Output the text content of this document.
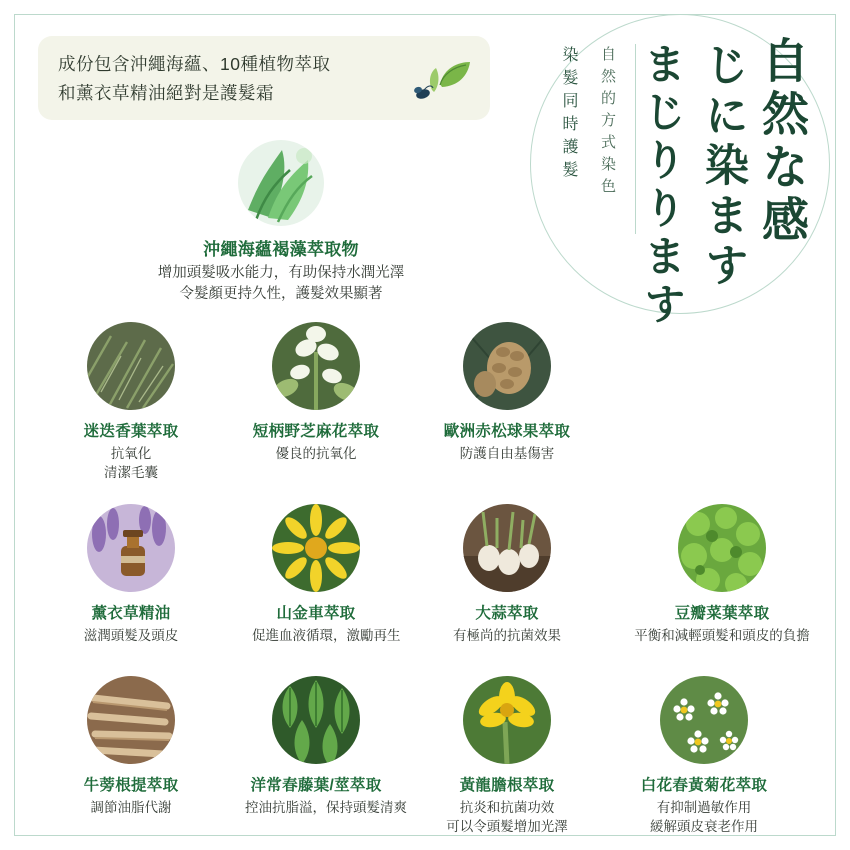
成份包含沖繩海蘊、10種植物萃取
和薰衣草精油絕對是護髮霜	染髮同時護髮 自然的方式染色 まじりります じに染ます 自然な感
沖繩海蘊褐藻萃取物
增加頭髮吸水能力，有助保持水潤光澤
令髮顏更持久性，護髮效果顯著
迷迭香葉萃取
抗氧化
清潔毛囊
短柄野芝麻花萃取
優良的抗氧化
歐洲赤松球果萃取
防護自由基傷害
薰衣草精油
滋潤頭髮及頭皮
山金車萃取
促進血液循環，激勵再生
大蒜萃取
有極尚的抗菌效果
豆瓣菜葉萃取
平衡和減輕頭髮和頭皮的負擔
牛蒡根提萃取
調節油脂代謝
洋常春藤葉/莖萃取
控油抗脂溢，保持頭髮清爽
黃龍膽根萃取
抗炎和抗菌功效
可以令頭髮增加光澤
白花春黃菊花萃取
有抑制過敏作用
緩解頭皮衰老作用
